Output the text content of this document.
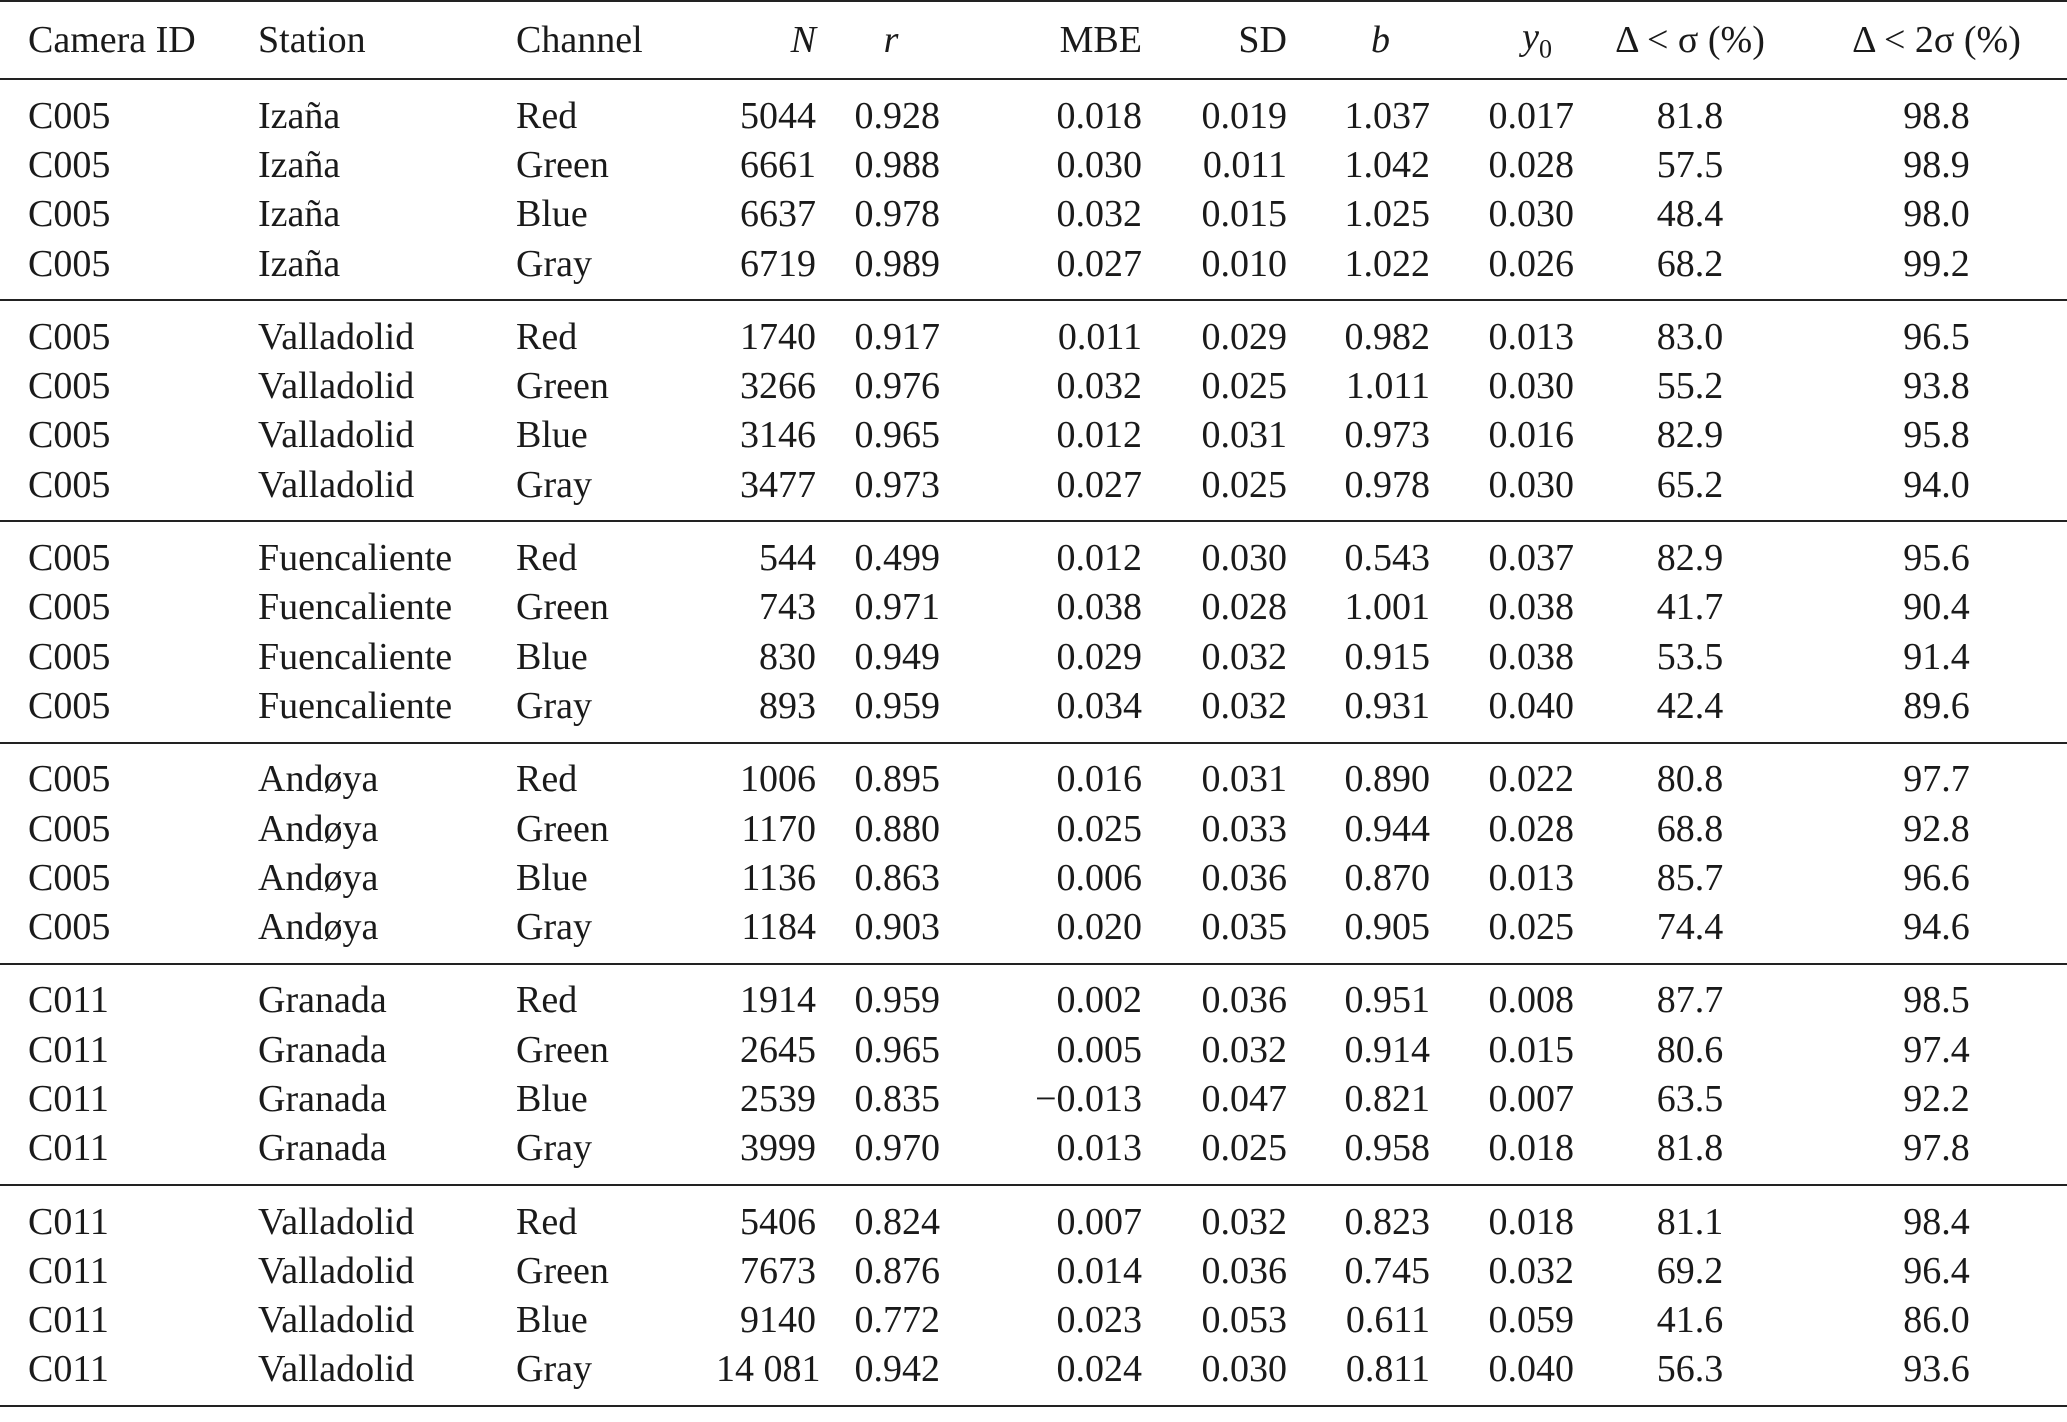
Camera ID	Station	Channel	N	r	MBE	SD	b	$y_0$	Δ < σ (%)	Δ < 2σ (%)

C005	Izaña	Red	5044	0.928	0.018	0.019	1.037	0.017	81.8	98.8
C005	Izaña	Green	6661	0.988	0.030	0.011	1.042	0.028	57.5	98.9
C005	Izaña	Blue	6637	0.978	0.032	0.015	1.025	0.030	48.4	98.0
C005	Izaña	Gray	6719	0.989	0.027	0.010	1.022	0.026	68.2	99.2

C005	Valladolid	Red	1740	0.917	0.011	0.029	0.982	0.013	83.0	96.5
C005	Valladolid	Green	3266	0.976	0.032	0.025	1.011	0.030	55.2	93.8
C005	Valladolid	Blue	3146	0.965	0.012	0.031	0.973	0.016	82.9	95.8
C005	Valladolid	Gray	3477	0.973	0.027	0.025	0.978	0.030	65.2	94.0

C005	Fuencaliente	Red	544	0.499	0.012	0.030	0.543	0.037	82.9	95.6
C005	Fuencaliente	Green	743	0.971	0.038	0.028	1.001	0.038	41.7	90.4
C005	Fuencaliente	Blue	830	0.949	0.029	0.032	0.915	0.038	53.5	91.4
C005	Fuencaliente	Gray	893	0.959	0.034	0.032	0.931	0.040	42.4	89.6

C005	Andøya	Red	1006	0.895	0.016	0.031	0.890	0.022	80.8	97.7
C005	Andøya	Green	1170	0.880	0.025	0.033	0.944	0.028	68.8	92.8
C005	Andøya	Blue	1136	0.863	0.006	0.036	0.870	0.013	85.7	96.6
C005	Andøya	Gray	1184	0.903	0.020	0.035	0.905	0.025	74.4	94.6

C011	Granada	Red	1914	0.959	0.002	0.036	0.951	0.008	87.7	98.5
C011	Granada	Green	2645	0.965	0.005	0.032	0.914	0.015	80.6	97.4
C011	Granada	Blue	2539	0.835	−0.013	0.047	0.821	0.007	63.5	92.2
C011	Granada	Gray	3999	0.970	0.013	0.025	0.958	0.018	81.8	97.8

C011	Valladolid	Red	5406	0.824	0.007	0.032	0.823	0.018	81.1	98.4
C011	Valladolid	Green	7673	0.876	0.014	0.036	0.745	0.032	69.2	96.4
C011	Valladolid	Blue	9140	0.772	0.023	0.053	0.611	0.059	41.6	86.0
C011	Valladolid	Gray	14 081	0.942	0.024	0.030	0.811	0.040	56.3	93.6
